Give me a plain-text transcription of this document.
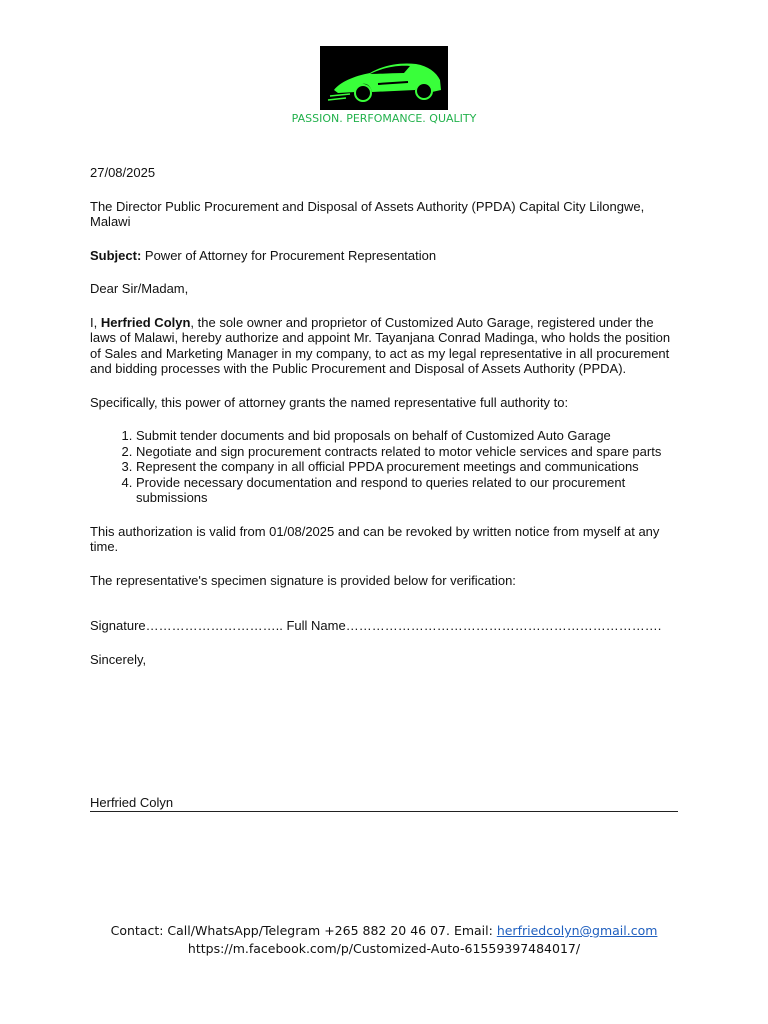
PASSION. PERFOMANCE. QUALITY

27/08/2025

The Director Public Procurement and Disposal of Assets Authority (PPDA) Capital City Lilongwe, Malawi

Subject: Power of Attorney for Procurement Representation

Dear Sir/Madam,

I, Herfried Colyn, the sole owner and proprietor of Customized Auto Garage, registered under the laws of Malawi, hereby authorize and appoint Mr. Tayanjana Conrad Madinga, who holds the position of Sales and Marketing Manager in my company, to act as my legal representative in all procurement and bidding processes with the Public Procurement and Disposal of Assets Authority (PPDA).

Specifically, this power of attorney grants the named representative full authority to:

1. Submit tender documents and bid proposals on behalf of Customized Auto Garage
2. Negotiate and sign procurement contracts related to motor vehicle services and spare parts
3. Represent the company in all official PPDA procurement meetings and communications
4. Provide necessary documentation and respond to queries related to our procurement submissions

This authorization is valid from 01/08/2025 and can be revoked by written notice from myself at any time.

The representative's specimen signature is provided below for verification:

Signature………………………….. Full Name……………………………………………………………….

Sincerely,

Herfried Colyn
Contact: Call/WhatsApp/Telegram +265 882 20 46 07. Email: herfriedcolyn@gmail.com
https://m.facebook.com/p/Customized-Auto-61559397484017/
